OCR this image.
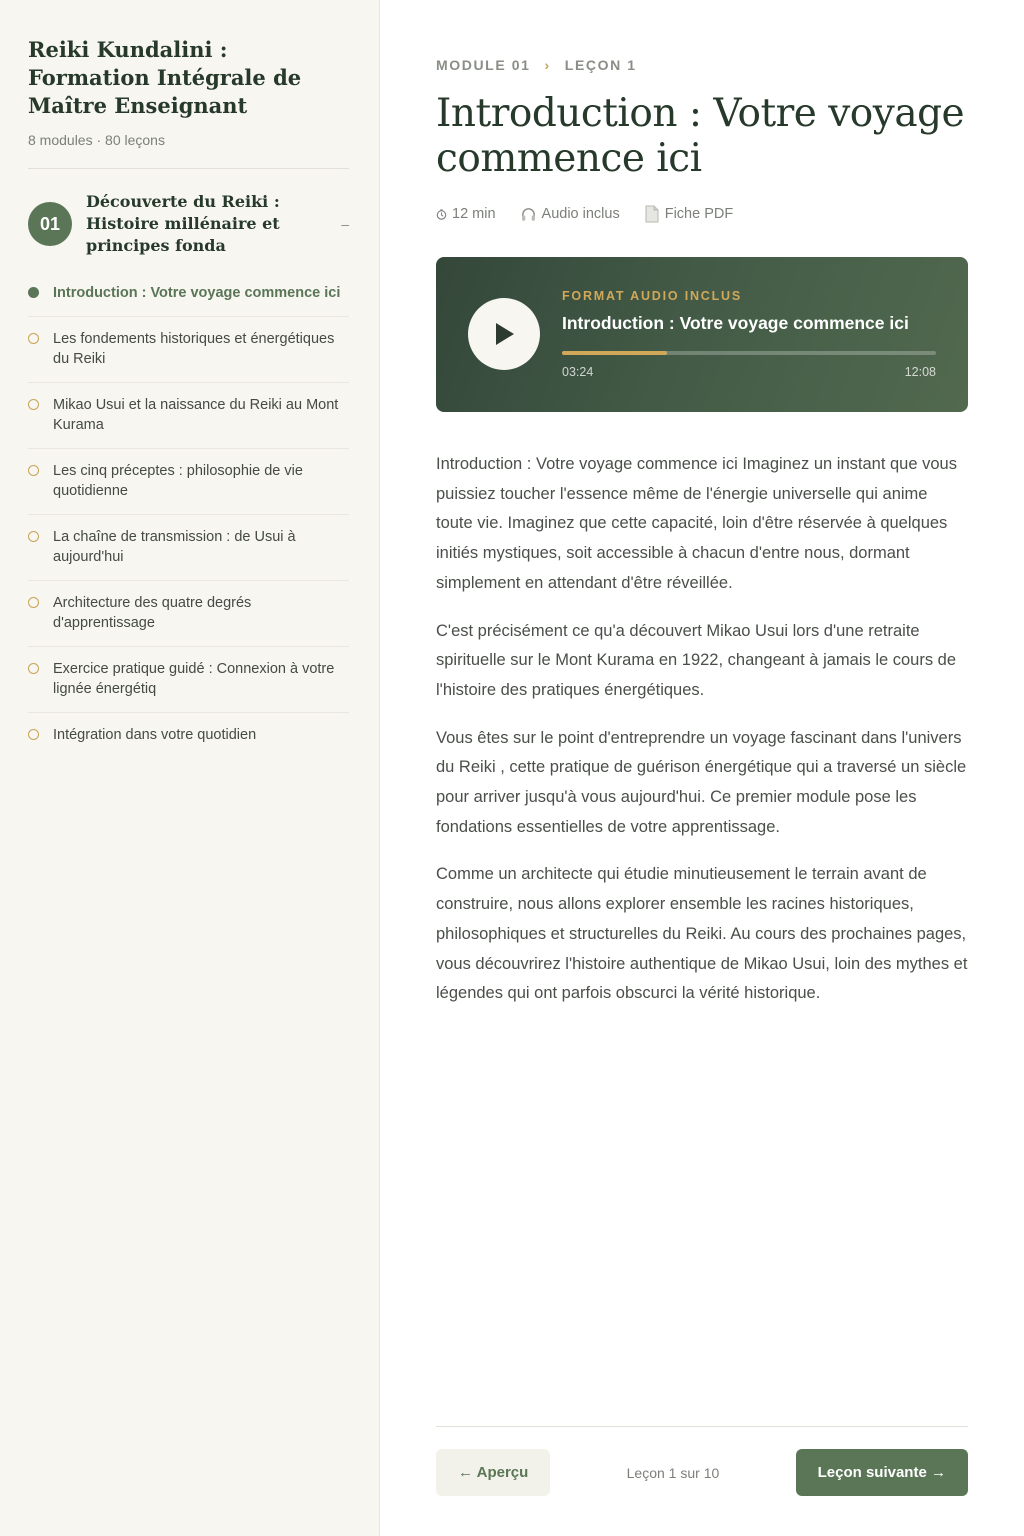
Reiki Kundalini : Formation Intégrale de Maître Enseignant
8 modules · 80 leçons
01
Découverte du Reiki : Histoire millénaire et principes fonda
–
Introduction : Votre voyage commence ici
Les fondements historiques et énergétiques du Reiki
Mikao Usui et la naissance du Reiki au Mont Kurama
Les cinq préceptes : philosophie de vie quotidienne
La chaîne de transmission : de Usui à aujourd'hui
Architecture des quatre degrés d'apprentissage
Exercice pratique guidé : Connexion à votre lignée énergétiq
Intégration dans votre quotidien
MODULE 01 › LEÇON 1
Introduction : Votre voyage commence ici
12 min	Audio inclus	Fiche PDF
FORMAT AUDIO INCLUS
Introduction : Votre voyage commence ici
03:24	12:08

Introduction : Votre voyage commence ici Imaginez un instant que vous puissiez toucher l'essence même de l'énergie universelle qui anime toute vie. Imaginez que cette capacité, loin d'être réservée à quelques initiés mystiques, soit accessible à chacun d'entre nous, dormant simplement en attendant d'être réveillée.

C'est précisément ce qu'a découvert Mikao Usui lors d'une retraite spirituelle sur le Mont Kurama en 1922, changeant à jamais le cours de l'histoire des pratiques énergétiques.

Vous êtes sur le point d'entreprendre un voyage fascinant dans l'univers du Reiki , cette pratique de guérison énergétique qui a traversé un siècle pour arriver jusqu'à vous aujourd'hui. Ce premier module pose les fondations essentielles de votre apprentissage.

Comme un architecte qui étudie minutieusement le terrain avant de construire, nous allons explorer ensemble les racines historiques, philosophiques et structurelles du Reiki. Au cours des prochaines pages, vous découvrirez l'histoire authentique de Mikao Usui, loin des mythes et légendes qui ont parfois obscurci la vérité historique.

← Aperçu	Leçon 1 sur 10	Leçon suivante →
